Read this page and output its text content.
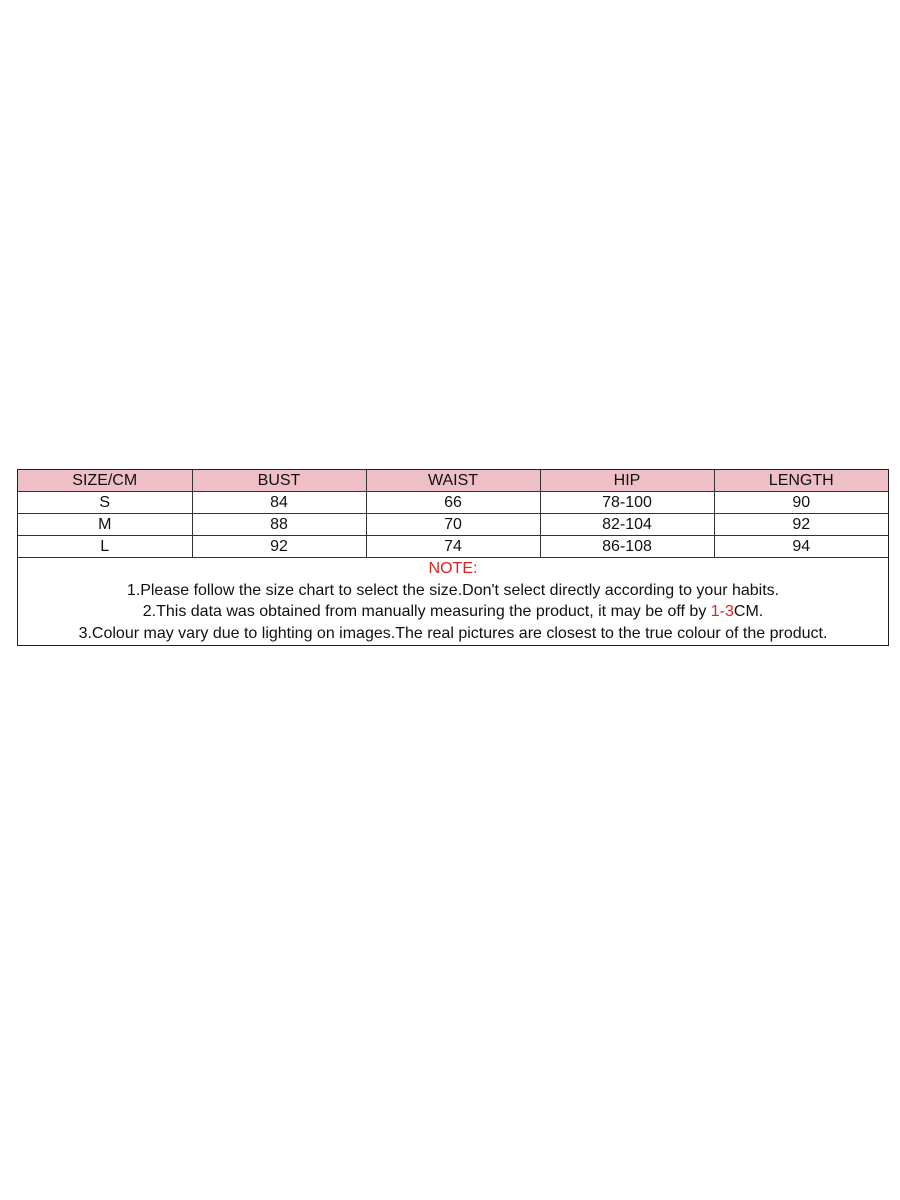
SIZE/CM	BUST	WAIST	HIP	LENGTH
S	84	66	78-100	90
M	88	70	82-104	92
L	92	74	86-108	94
NOTE:
1.Please follow the size chart to select the size.Don't select directly according to your habits.
2.This data was obtained from manually measuring the product, it may be off by 1-3CM.
3.Colour may vary due to lighting on images.The real pictures are closest to the true colour of the product.
